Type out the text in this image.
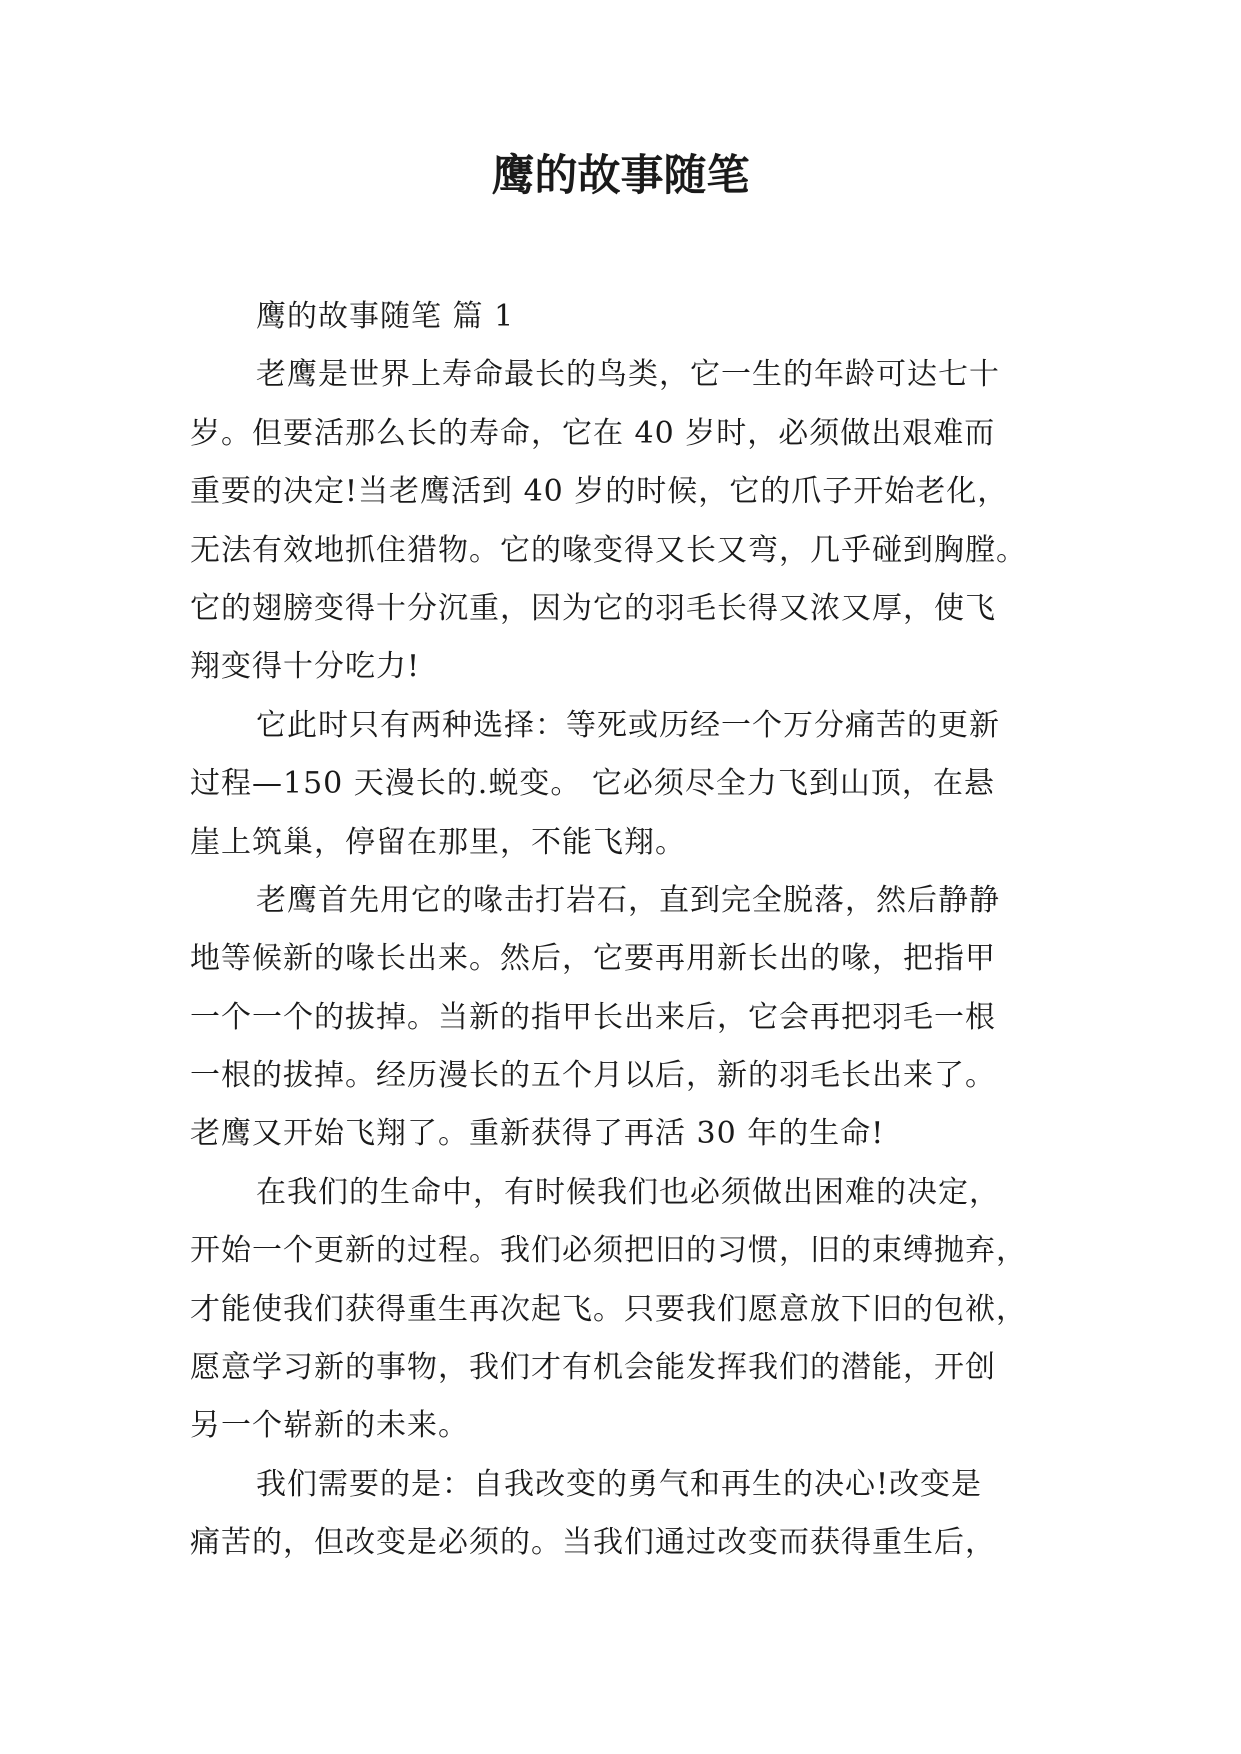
鹰的故事随笔
鹰的故事随笔 篇 1
老鹰是世界上寿命最长的鸟类，它一生的年龄可达七十
岁。但要活那么长的寿命，它在 40 岁时，必须做出艰难而
重要的决定!当老鹰活到 40 岁的时候，它的爪子开始老化，
无法有效地抓住猎物。它的喙变得又长又弯，几乎碰到胸膛。
它的翅膀变得十分沉重，因为它的羽毛长得又浓又厚，使飞
翔变得十分吃力!
它此时只有两种选择：等死或历经一个万分痛苦的更新
过程—150 天漫长的.蜕变。 它必须尽全力飞到山顶，在悬
崖上筑巢，停留在那里，不能飞翔。
老鹰首先用它的喙击打岩石，直到完全脱落，然后静静
地等候新的喙长出来。然后，它要再用新长出的喙，把指甲
一个一个的拔掉。当新的指甲长出来后，它会再把羽毛一根
一根的拔掉。经历漫长的五个月以后，新的羽毛长出来了。
老鹰又开始飞翔了。重新获得了再活 30 年的生命!
在我们的生命中，有时候我们也必须做出困难的决定，
开始一个更新的过程。我们必须把旧的习惯，旧的束缚抛弃，
才能使我们获得重生再次起飞。只要我们愿意放下旧的包袱，
愿意学习新的事物，我们才有机会能发挥我们的潜能，开创
另一个崭新的未来。
我们需要的是：自我改变的勇气和再生的决心!改变是
痛苦的，但改变是必须的。当我们通过改变而获得重生后，
